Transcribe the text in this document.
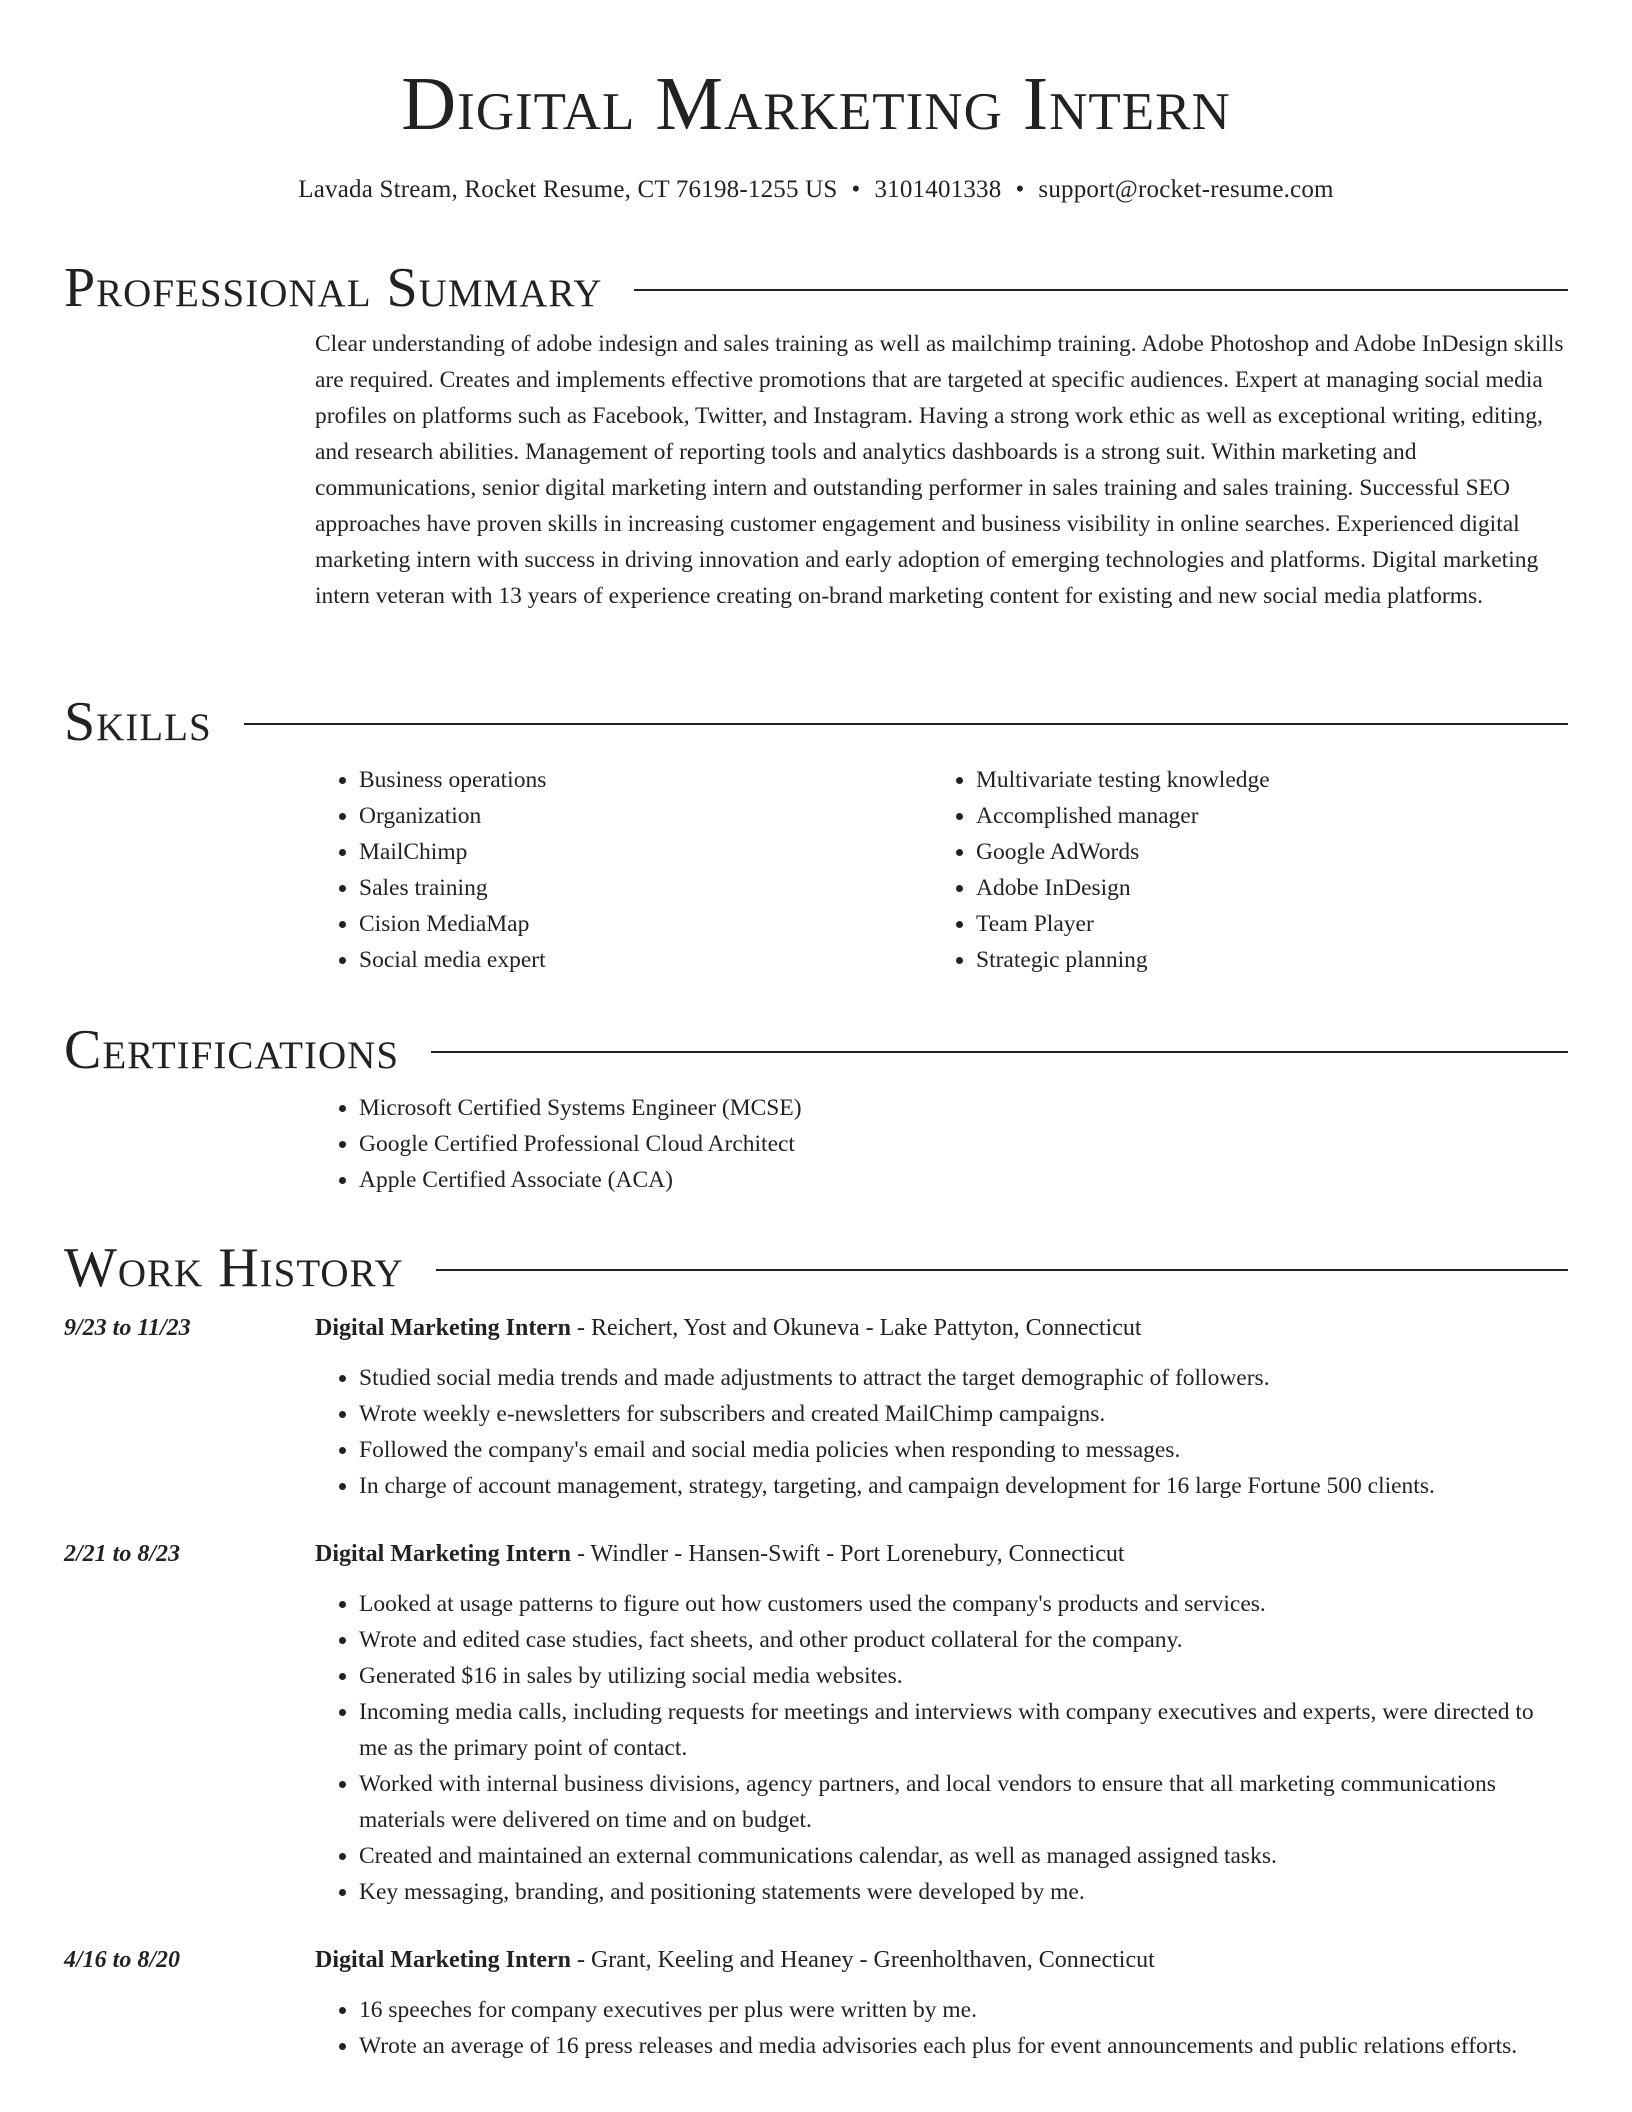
Digital Marketing Intern
Lavada Stream, Rocket Resume, CT 76198-1255 US • 3101401338 • support@rocket-resume.com
Professional Summary

Clear understanding of adobe indesign and sales training as well as mailchimp training. Adobe Photoshop and Adobe InDesign skills are required. Creates and implements effective promotions that are targeted at specific audiences. Expert at managing social media profiles on platforms such as Facebook, Twitter, and Instagram. Having a strong work ethic as well as exceptional writing, editing, and research abilities. Management of reporting tools and analytics dashboards is a strong suit. Within marketing and communications, senior digital marketing intern and outstanding performer in sales training and sales training. Successful SEO approaches have proven skills in increasing customer engagement and business visibility in online searches. Experienced digital marketing intern with success in driving innovation and early adoption of emerging technologies and platforms. Digital marketing intern veteran with 13 years of experience creating on-brand marketing content for existing and new social media platforms.

Skills
• Business operations
• Organization
• MailChimp
• Sales training
• Cision MediaMap
• Social media expert
• Multivariate testing knowledge
• Accomplished manager
• Google AdWords
• Adobe InDesign
• Team Player
• Strategic planning
Certifications
• Microsoft Certified Systems Engineer (MCSE)
• Google Certified Professional Cloud Architect
• Apple Certified Associate (ACA)
Work History
9/23 to 11/23	Digital Marketing Intern - Reichert, Yost and Okuneva - Lake Pattyton, Connecticut
• Studied social media trends and made adjustments to attract the target demographic of followers.
• Wrote weekly e-newsletters for subscribers and created MailChimp campaigns.
• Followed the company's email and social media policies when responding to messages.
• In charge of account management, strategy, targeting, and campaign development for 16 large Fortune 500 clients.
2/21 to 8/23	Digital Marketing Intern - Windler - Hansen-Swift - Port Lorenebury, Connecticut
• Looked at usage patterns to figure out how customers used the company's products and services.
• Wrote and edited case studies, fact sheets, and other product collateral for the company.
• Generated $16 in sales by utilizing social media websites.
• Incoming media calls, including requests for meetings and interviews with company executives and experts, were directed to me as the primary point of contact.
• Worked with internal business divisions, agency partners, and local vendors to ensure that all marketing communications materials were delivered on time and on budget.
• Created and maintained an external communications calendar, as well as managed assigned tasks.
• Key messaging, branding, and positioning statements were developed by me.
4/16 to 8/20	Digital Marketing Intern - Grant, Keeling and Heaney - Greenholthaven, Connecticut
• 16 speeches for company executives per plus were written by me.
• Wrote an average of 16 press releases and media advisories each plus for event announcements and public relations efforts.
